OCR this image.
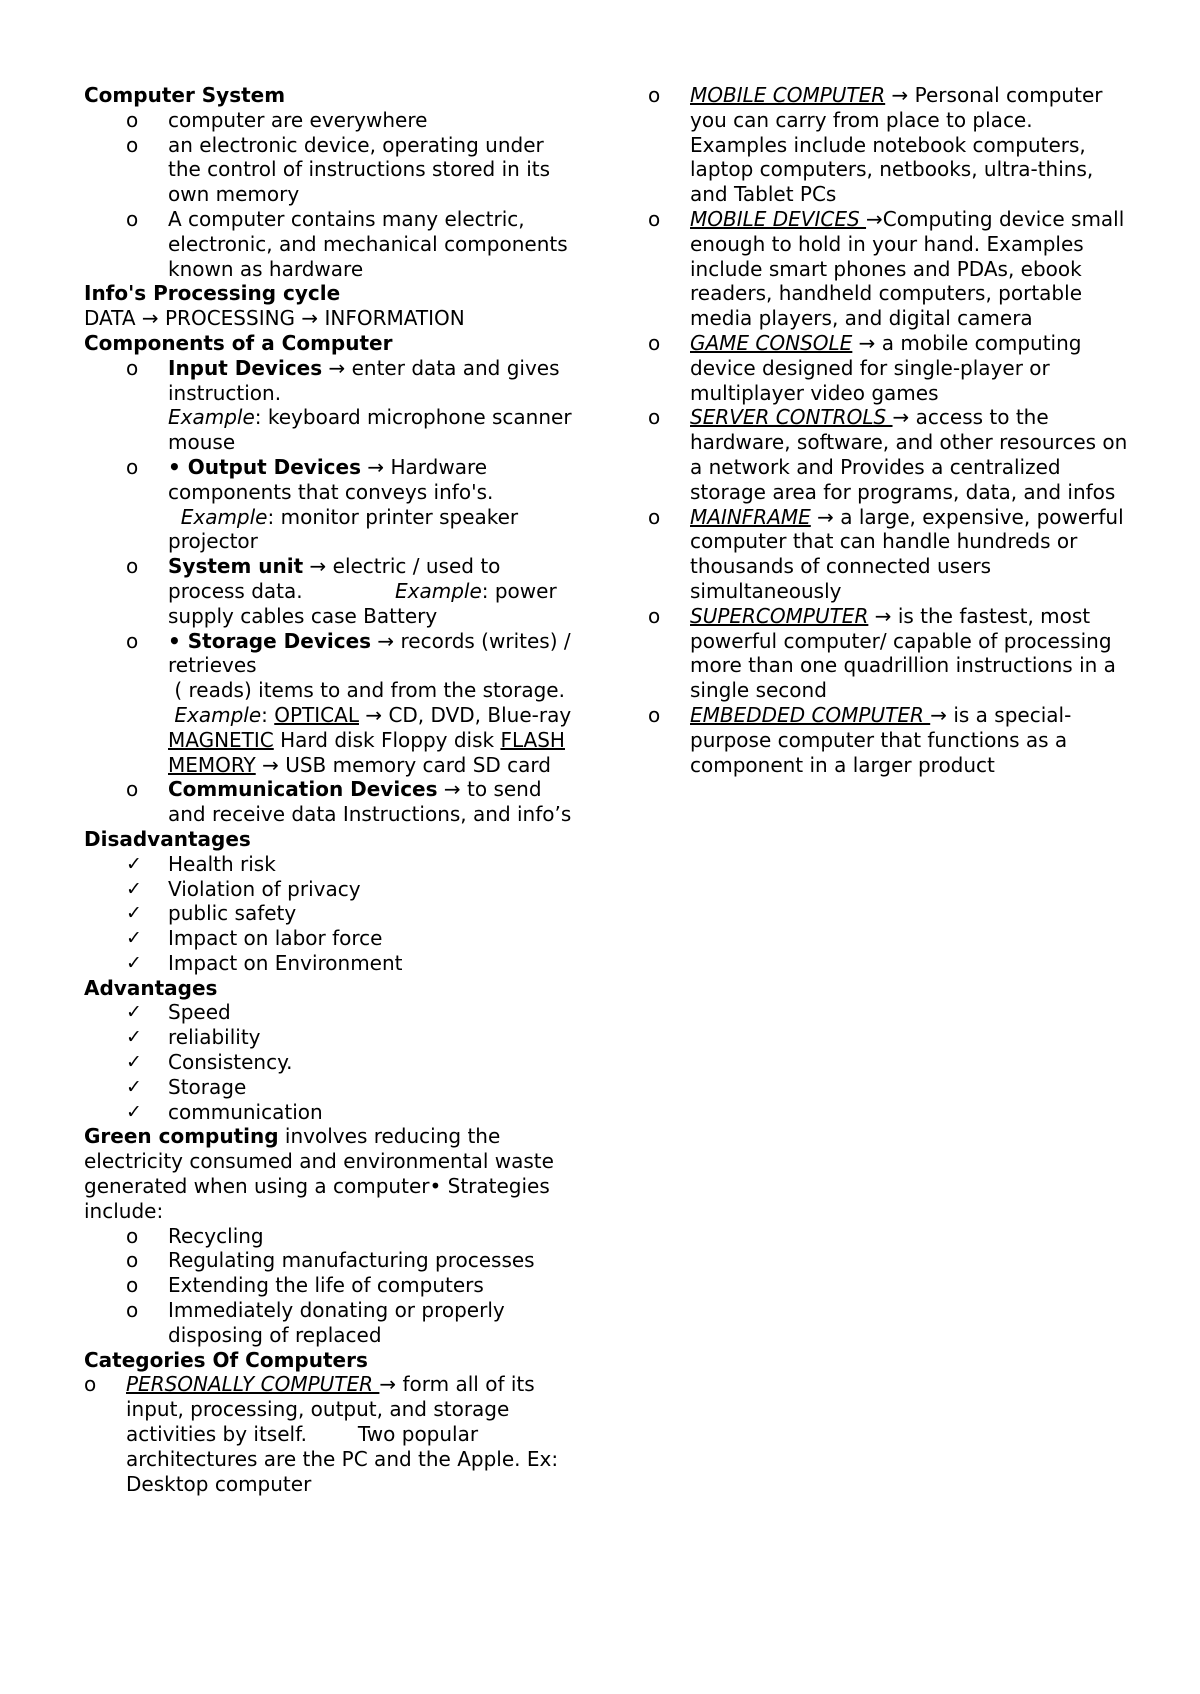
Computer System
o	computer are everywhere
o	an electronic device, operating under the control of instructions stored in its own memory
o	A computer contains many electric, electronic, and mechanical components known as hardware
Info's Processing cycle
DATA → PROCESSING → INFORMATION
Components of a Computer
o	Input Devices → enter data and gives instruction.
Example: keyboard microphone scanner mouse
o	• Output Devices → Hardware components that conveys info's.
Example: monitor printer speaker projector
o	System unit → electric / used to process data.	Example: power supply cables case Battery
o	• Storage Devices → records (writes) / retrieves
( reads) items to and from the storage.
Example: OPTICAL → CD, DVD, Blue-ray MAGNETIC Hard disk Floppy disk FLASH MEMORY → USB memory card SD card
o	Communication Devices → to send and receive data Instructions, and info’s
Disadvantages
✓	Health risk
✓	Violation of privacy
✓	public safety
✓	Impact on labor force
✓	Impact on Environment
Advantages
✓	Speed
✓	reliability
✓	Consistency.
✓	Storage
✓	communication
Green computing involves reducing the electricity consumed and environmental waste generated when using a computer• Strategies include:
o	Recycling
o	Regulating manufacturing processes
o	Extending the life of computers
o	Immediately donating or properly disposing of replaced
Categories Of Computers
o	PERSONALLY COMPUTER → form all of its input, processing, output, and storage activities by itself.        Two popular architectures are the PC and the Apple. Ex: Desktop computer
o	MOBILE COMPUTER → Personal computer you can carry from place to place. Examples include notebook computers, laptop computers, netbooks, ultra-thins, and Tablet PCs
o	MOBILE DEVICES →Computing device small enough to hold in your hand. Examples include smart phones and PDAs, ebook readers, handheld computers, portable media players, and digital camera
o	GAME CONSOLE → a mobile computing device designed for single-player or multiplayer video games
o	SERVER CONTROLS → access to the hardware, software, and other resources on a network and Provides a centralized storage area for programs, data, and infos
o	MAINFRAME → a large, expensive, powerful computer that can handle hundreds or thousands of connected users simultaneously
o	SUPERCOMPUTER → is the fastest, most powerful computer/ capable of processing more than one quadrillion instructions in a single second
o	EMBEDDED COMPUTER → is a special-purpose computer that functions as a component in a larger product
